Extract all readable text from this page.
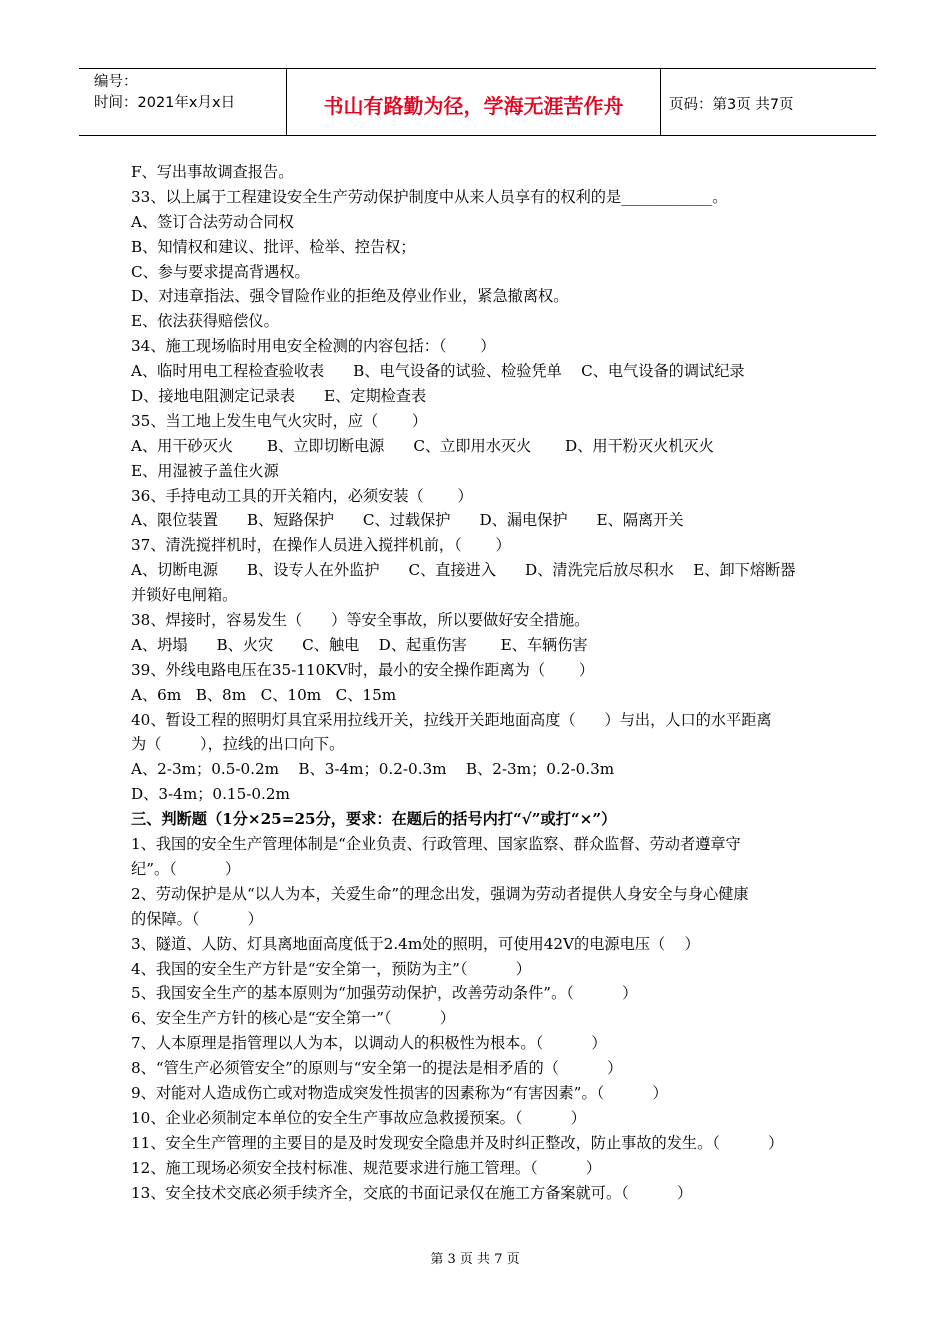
编号：
时间：2021年x月x日	书山有路勤为径，学海无涯苦作舟	页码：第3页 共7页
F、写出事故调查报告。
33、以上属于工程建设安全生产劳动保护制度中从来人员享有的权利的是____________。
A、签订合法劳动合同权
B、知情权和建议、批评、检举、控告权；
C、参与要求提高背遇权。
D、对违章指法、强令冒险作业的拒绝及停业作业，紧急撤离权。
E、依法获得赔偿仪。
34、施工现场临时用电安全检测的内容包括：（       ）
A、临时用电工程检查验收表      B、电气设备的试验、检验凭单    C、电气设备的调试纪录
D、接地电阻测定记录表      E、定期检查表
35、当工地上发生电气火灾时，应（       ）
A、用干砂灭火       B、立即切断电源      C、立即用水灭火       D、用干粉灭火机灭火
E、用湿被子盖住火源
36、手持电动工具的开关箱内，必须安装（       ）
A、限位装置      B、短路保护      C、过载保护      D、漏电保护      E、隔离开关
37、清洗搅拌机时，在操作人员进入搅拌机前，（       ）
A、切断电源      B、设专人在外监护      C、直接进入      D、清洗完后放尽积水    E、卸下熔断器
并锁好电闸箱。
38、焊接时，容易发生（      ）等安全事故，所以要做好安全措施。
A、坍塌      B、火灾      C、触电    D、起重伤害       E、车辆伤害
39、外线电路电压在35-110KV时，最小的安全操作距离为（       ）
A、6m   B、8m   C、10m   C、15m
40、暂设工程的照明灯具宜采用拉线开关，拉线开关距地面高度（      ）与出，人口的水平距离
为（        ），拉线的出口向下。
A、2-3m；0.5-0.2m    B、3-4m；0.2-0.3m    B、2-3m；0.2-0.3m
D、3-4m；0.15-0.2m
三、判断题（1分×25=25分，要求：在题后的括号内打“√”或打“×”）
1、我国的安全生产管理体制是“企业负责、行政管理、国家监察、群众监督、劳动者遵章守
纪”。（          ）
2、劳动保护是从“以人为本，关爱生命”的理念出发，强调为劳动者提供人身安全与身心健康
的保障。（          ）
3、隧道、人防、灯具离地面高度低于2.4m处的照明，可使用42V的电源电压（    ）
4、我国的安全生产方针是“安全第一，预防为主”（          ）
5、我国安全生产的基本原则为“加强劳动保护，改善劳动条件”。（          ）
6、安全生产方针的核心是“安全第一”（          ）
7、人本原理是指管理以人为本，以调动人的积极性为根本。（          ）
8、“管生产必须管安全”的原则与“安全第一的提法是相矛盾的（          ）
9、对能对人造成伤亡或对物造成突发性损害的因素称为“有害因素”。（          ）
10、企业必须制定本单位的安全生产事故应急救援预案。（          ）
11、安全生产管理的主要目的是及时发现安全隐患并及时纠正整改，防止事故的发生。（          ）
12、施工现场必须安全技村标准、规范要求进行施工管理。（          ）
13、安全技术交底必须手续齐全，交底的书面记录仅在施工方备案就可。（          ）
第 3 页 共 7 页
